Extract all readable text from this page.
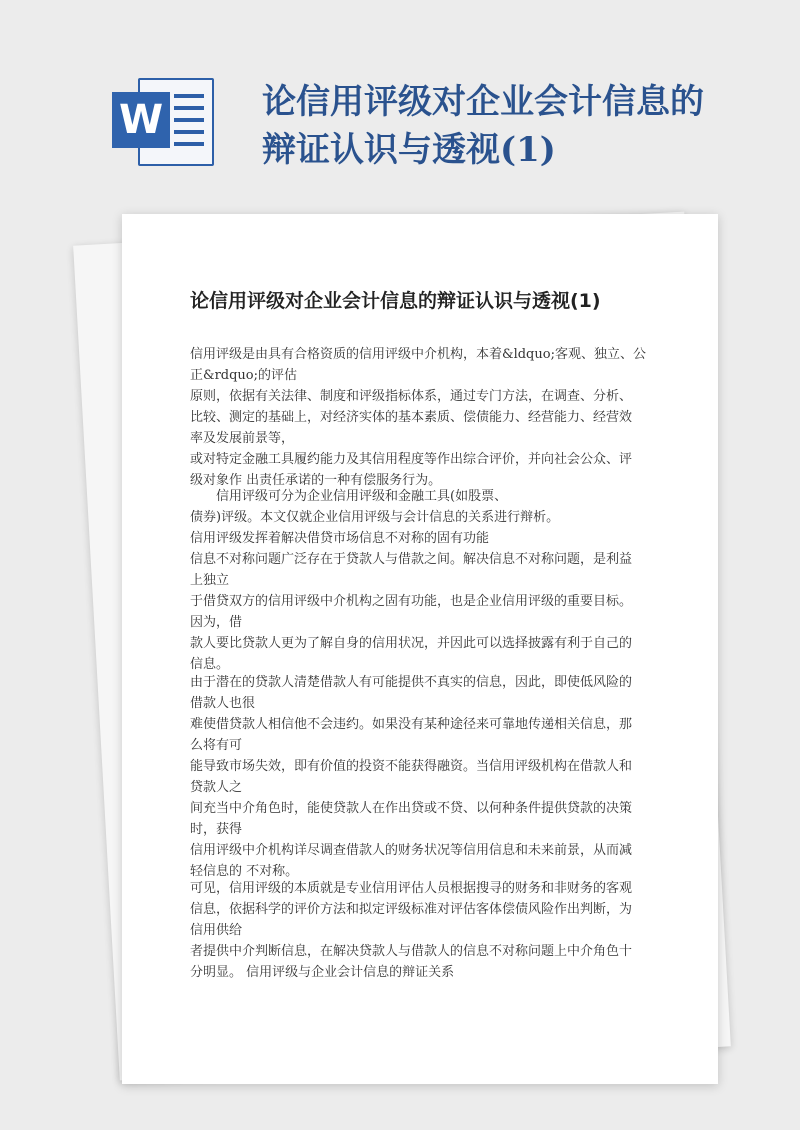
W	论信用评级对企业会计信息的
辩证认识与透视(1)
论信用评级对企业会计信息的辩证认识与透视(1)
信用评级是由具有合格资质的信用评级中介机构，本着&ldquo;客观、独立、公
正&rdquo;的评估
原则，依据有关法律、制度和评级指标体系，通过专门方法，在调查、分析、
比较、测定的基础上，对经济实体的基本素质、偿债能力、经营能力、经营效
率及发展前景等，
或对特定金融工具履约能力及其信用程度等作出综合评价，并向社会公众、评
级对象作 出责任承诺的一种有偿服务行为。
　　信用评级可分为企业信用评级和金融工具(如股票、
债券)评级。本文仅就企业信用评级与会计信息的关系进行辩析。
信用评级发挥着解决借贷市场信息不对称的固有功能
信息不对称问题广泛存在于贷款人与借款之间。解决信息不对称问题，是利益
上独立
于借贷双方的信用评级中介机构之固有功能，也是企业信用评级的重要目标。
因为，借
款人要比贷款人更为了解自身的信用状况，并因此可以选择披露有利于自己的
信息。
由于潜在的贷款人清楚借款人有可能提供不真实的信息，因此，即使低风险的
借款人也很
难使借贷款人相信他不会违约。如果没有某种途径来可靠地传递相关信息，那
么将有可
能导致市场失效，即有价值的投资不能获得融资。当信用评级机构在借款人和
贷款人之
间充当中介角色时，能使贷款人在作出贷或不贷、以何种条件提供贷款的决策
时，获得
信用评级中介机构详尽调查借款人的财务状况等信用信息和未来前景，从而减
轻信息的 不对称。
可见，信用评级的本质就是专业信用评估人员根据搜寻的财务和非财务的客观
信息，依据科学的评价方法和拟定评级标准对评估客体偿债风险作出判断，为
信用供给
者提供中介判断信息，在解决贷款人与借款人的信息不对称问题上中介角色十
分明显。 信用评级与企业会计信息的辩证关系
